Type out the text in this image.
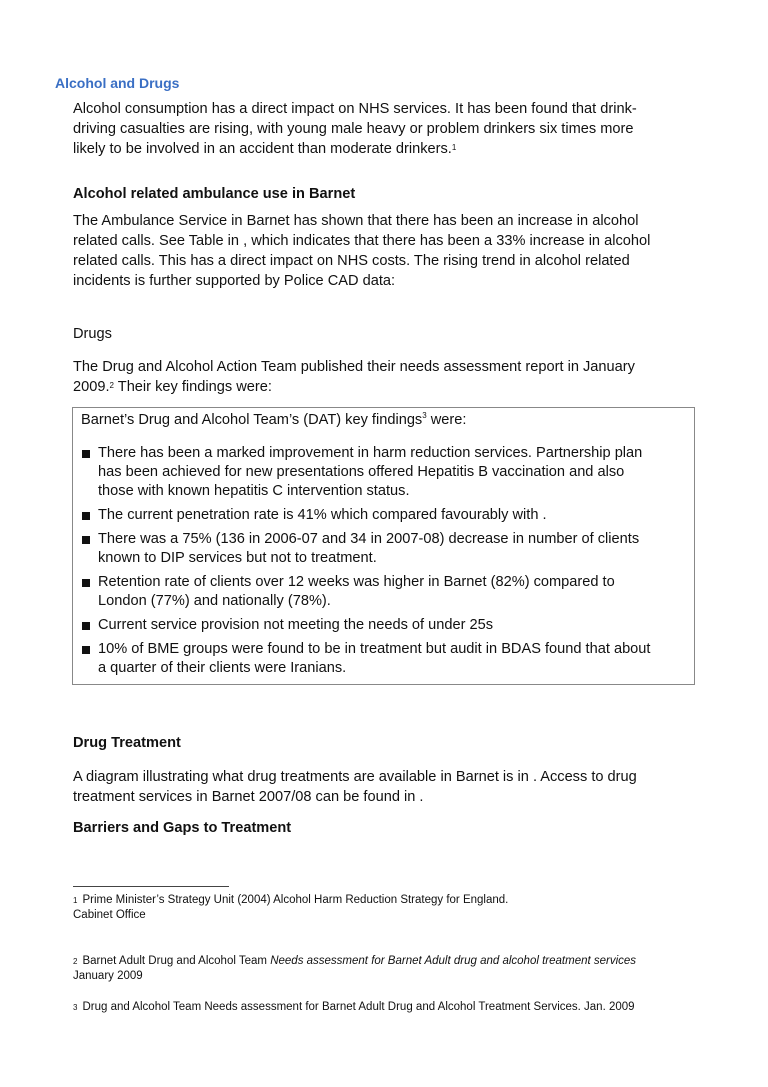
Alcohol and Drugs
Alcohol consumption has a direct impact on NHS services. It has been found that drink-
driving casualties are rising, with young male heavy or problem drinkers six times more
likely to be involved in an accident than moderate drinkers.$^1$
Alcohol related ambulance use in Barnet
The Ambulance Service in Barnet has shown that there has been an increase in alcohol
related calls. See Table in , which indicates that there has been a 33% increase in alcohol
related calls. This has a direct impact on NHS costs. The rising trend in alcohol related
incidents is further supported by Police CAD data:
Drugs
The Drug and Alcohol Action Team published their needs assessment report in January
2009.$^2$ Their key findings were:
Barnet’s Drug and Alcohol Team’s (DAT) key findings$^3$ were:
There has been a marked improvement in harm reduction services. Partnership plan
has been achieved for new presentations offered Hepatitis B vaccination and also
those with known hepatitis C intervention status.
The current penetration rate is 41% which compared favourably with .
There was a 75% (136 in 2006-07 and 34 in 2007-08) decrease in number of clients
known to DIP services but not to treatment.
Retention rate of clients over 12 weeks was higher in Barnet (82%) compared to
London (77%) and nationally (78%).
Current service provision not meeting the needs of under 25s
10% of BME groups were found to be in treatment but audit in BDAS found that about
a quarter of their clients were Iranians.
Drug Treatment
A diagram illustrating what drug treatments are available in Barnet is in . Access to drug
treatment services in Barnet 2007/08 can be found in .
Barriers and Gaps to Treatment
$^1$ Prime Minister’s Strategy Unit (2004) Alcohol Harm Reduction Strategy for England.
Cabinet Office
$^2$ Barnet Adult Drug and Alcohol Team Needs assessment for Barnet Adult drug and alcohol treatment services
January 2009
$^3$ Drug and Alcohol Team Needs assessment for Barnet Adult Drug and Alcohol Treatment Services. Jan. 2009
